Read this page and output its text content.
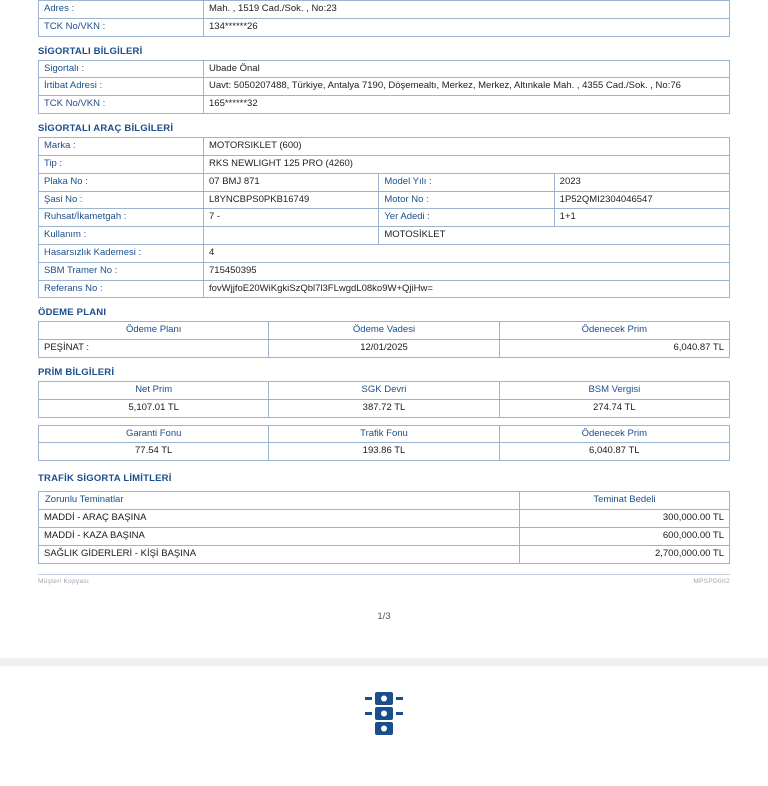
Adres :	Mah. , 1519 Cad./Sok. , No:23
TCK No/VKN :	134******26
SİGORTALI BİLGİLERİ
Sigortalı :	Ubade Önal
İrtibat Adresi :	Uavt: 5050207488, Türkiye, Antalya 7190, Döşemealtı, Merkez, Merkez, Altınkale Mah. , 4355 Cad./Sok. , No:76
TCK No/VKN :	165******32
SİGORTALI ARAÇ BİLGİLERİ
Marka :	MOTORSIKLET (600)		
Tip :	RKS NEWLIGHT 125 PRO (4260)		
Plaka No :	07 BMJ 871	Model Yılı :	2023
Şasi No :	L8YNCBPS0PKB16749	Motor No :	1P52QMI2304046547
Ruhsat/İkametgah :	7 -	Yer Adedi :	1+1
Kullanım :		MOTOSİKLET	
Hasarsızlık Kademesi :	4		
SBM Tramer No :	715450395		
Referans No :	fovWjjfoE20WiKgkiSzQbl7l3FLwgdL08ko9W+QjiHw=		
ÖDEME PLANI
Ödeme Planı	Ödeme Vadesi	Ödenecek Prim
PEŞİNAT :	12/01/2025	6,040.87 TL
PRİM BİLGİLERİ
Net Prim	SGK Devri	BSM Vergisi
5,107.01 TL	387.72 TL	274.74 TL
Garanti Fonu	Trafik Fonu	Ödenecek Prim
77.54 TL	193.86 TL	6,040.87 TL
TRAFİK SİGORTA LİMİTLERİ
Zorunlu Teminatlar	Teminat Bedeli
MADDİ - ARAÇ BAŞINA	300,000.00 TL
MADDİ - KAZA BAŞINA	600,000.00 TL
SAĞLIK GİDERLERİ - KİŞİ BAŞINA	2,700,000.00 TL
Müşteri Kopyası	MPSPD0II2
1/3
